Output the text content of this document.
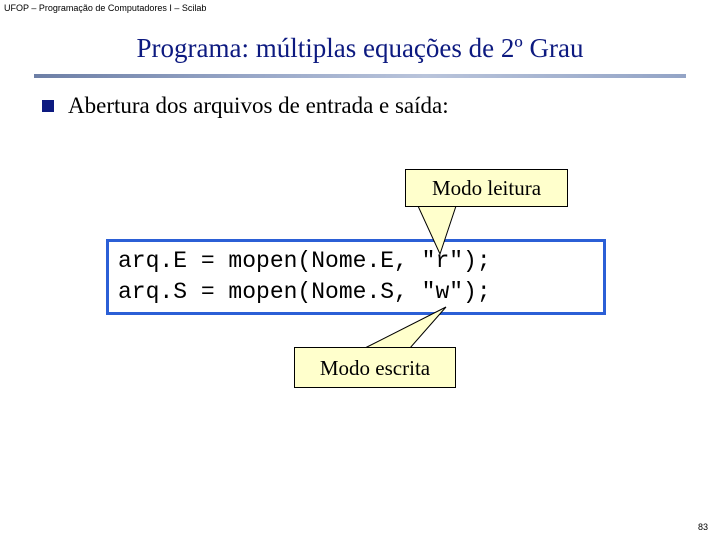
UFOP – Programação de Computadores I – Scilab
Programa: múltiplas equações de 2º Grau
Abertura dos arquivos de entrada e saída:
arq.E = mopen(Nome.E, "r");
arq.S = mopen(Nome.S, "w");
Modo leitura
Modo escrita
83
